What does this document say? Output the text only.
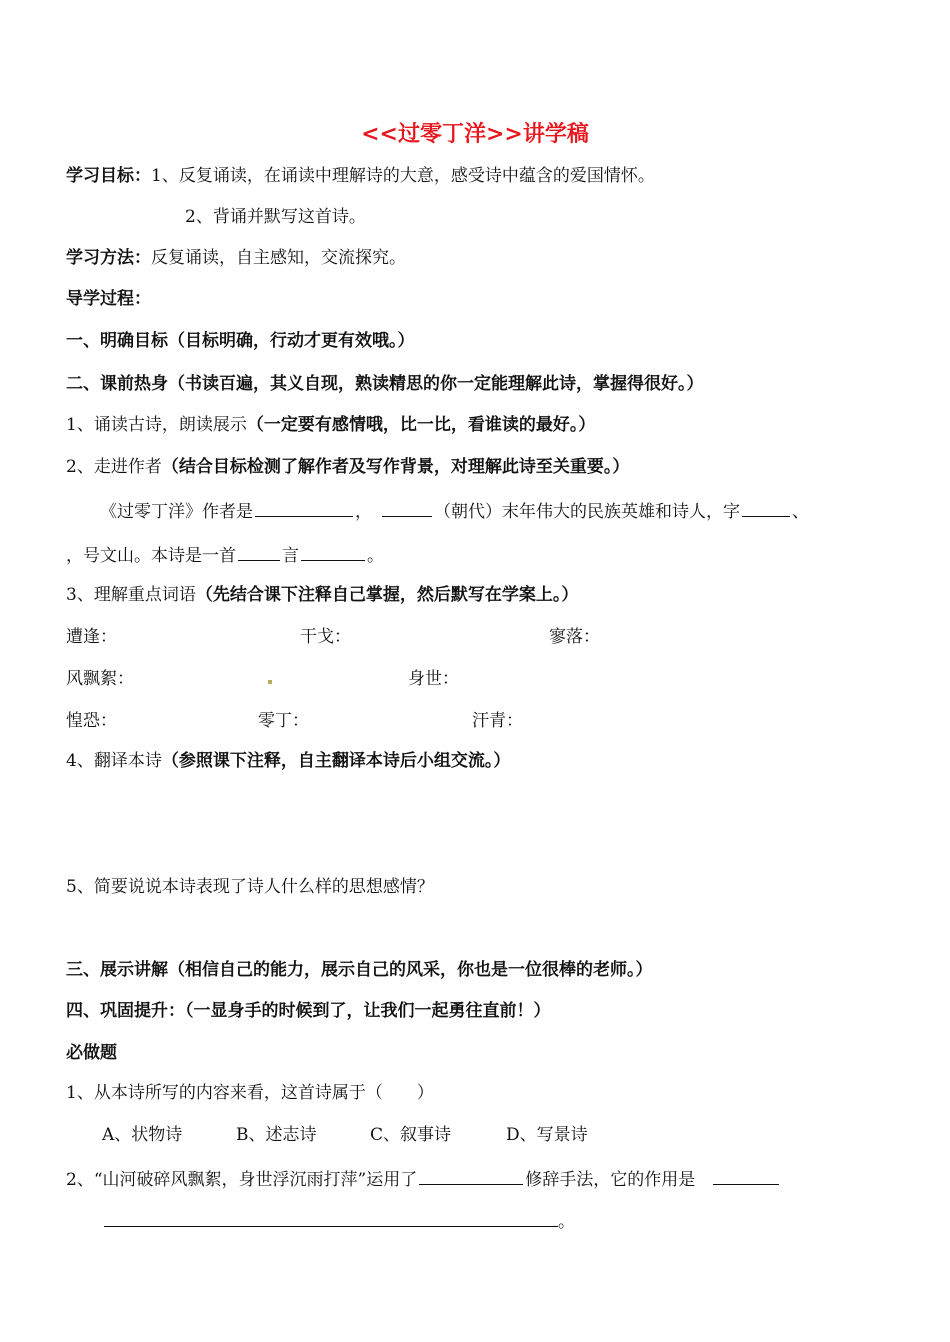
<<过零丁洋>>讲学稿
学习目标：1、反复诵读，在诵读中理解诗的大意，感受诗中蕴含的爱国情怀。
2、背诵并默写这首诗。
学习方法：反复诵读，自主感知，交流探究。
导学过程：
一、明确目标（目标明确，行动才更有效哦。）
二、课前热身（书读百遍，其义自现，熟读精思的你一定能理解此诗，掌握得很好。）
1、诵读古诗，朗读展示（一定要有感情哦，比一比，看谁读的最好。）
2、走进作者（结合目标检测了解作者及写作背景，对理解此诗至关重要。）
《过零丁洋》作者是	，	（朝代）末年伟大的民族英雄和诗人，字	、
，号文山。本诗是一首	言	。
3、理解重点词语（先结合课下注释自己掌握，然后默写在学案上。）
遭逢：	干戈：	寥落：
风飘絮：	身世：
惶恐：	零丁：	汗青：
4、翻译本诗（参照课下注释，自主翻译本诗后小组交流。）
5、简要说说本诗表现了诗人什么样的思想感情？
三、展示讲解（相信自己的能力，展示自己的风采，你也是一位很棒的老师。）
四、巩固提升：（一显身手的时候到了，让我们一起勇往直前！）
必做题
1、从本诗所写的内容来看，这首诗属于（　　）
A、状物诗	B、述志诗	C、叙事诗	D、写景诗
2、“山河破碎风飘絮，身世浮沉雨打萍”运用了	修辞手法，它的作用是
。
